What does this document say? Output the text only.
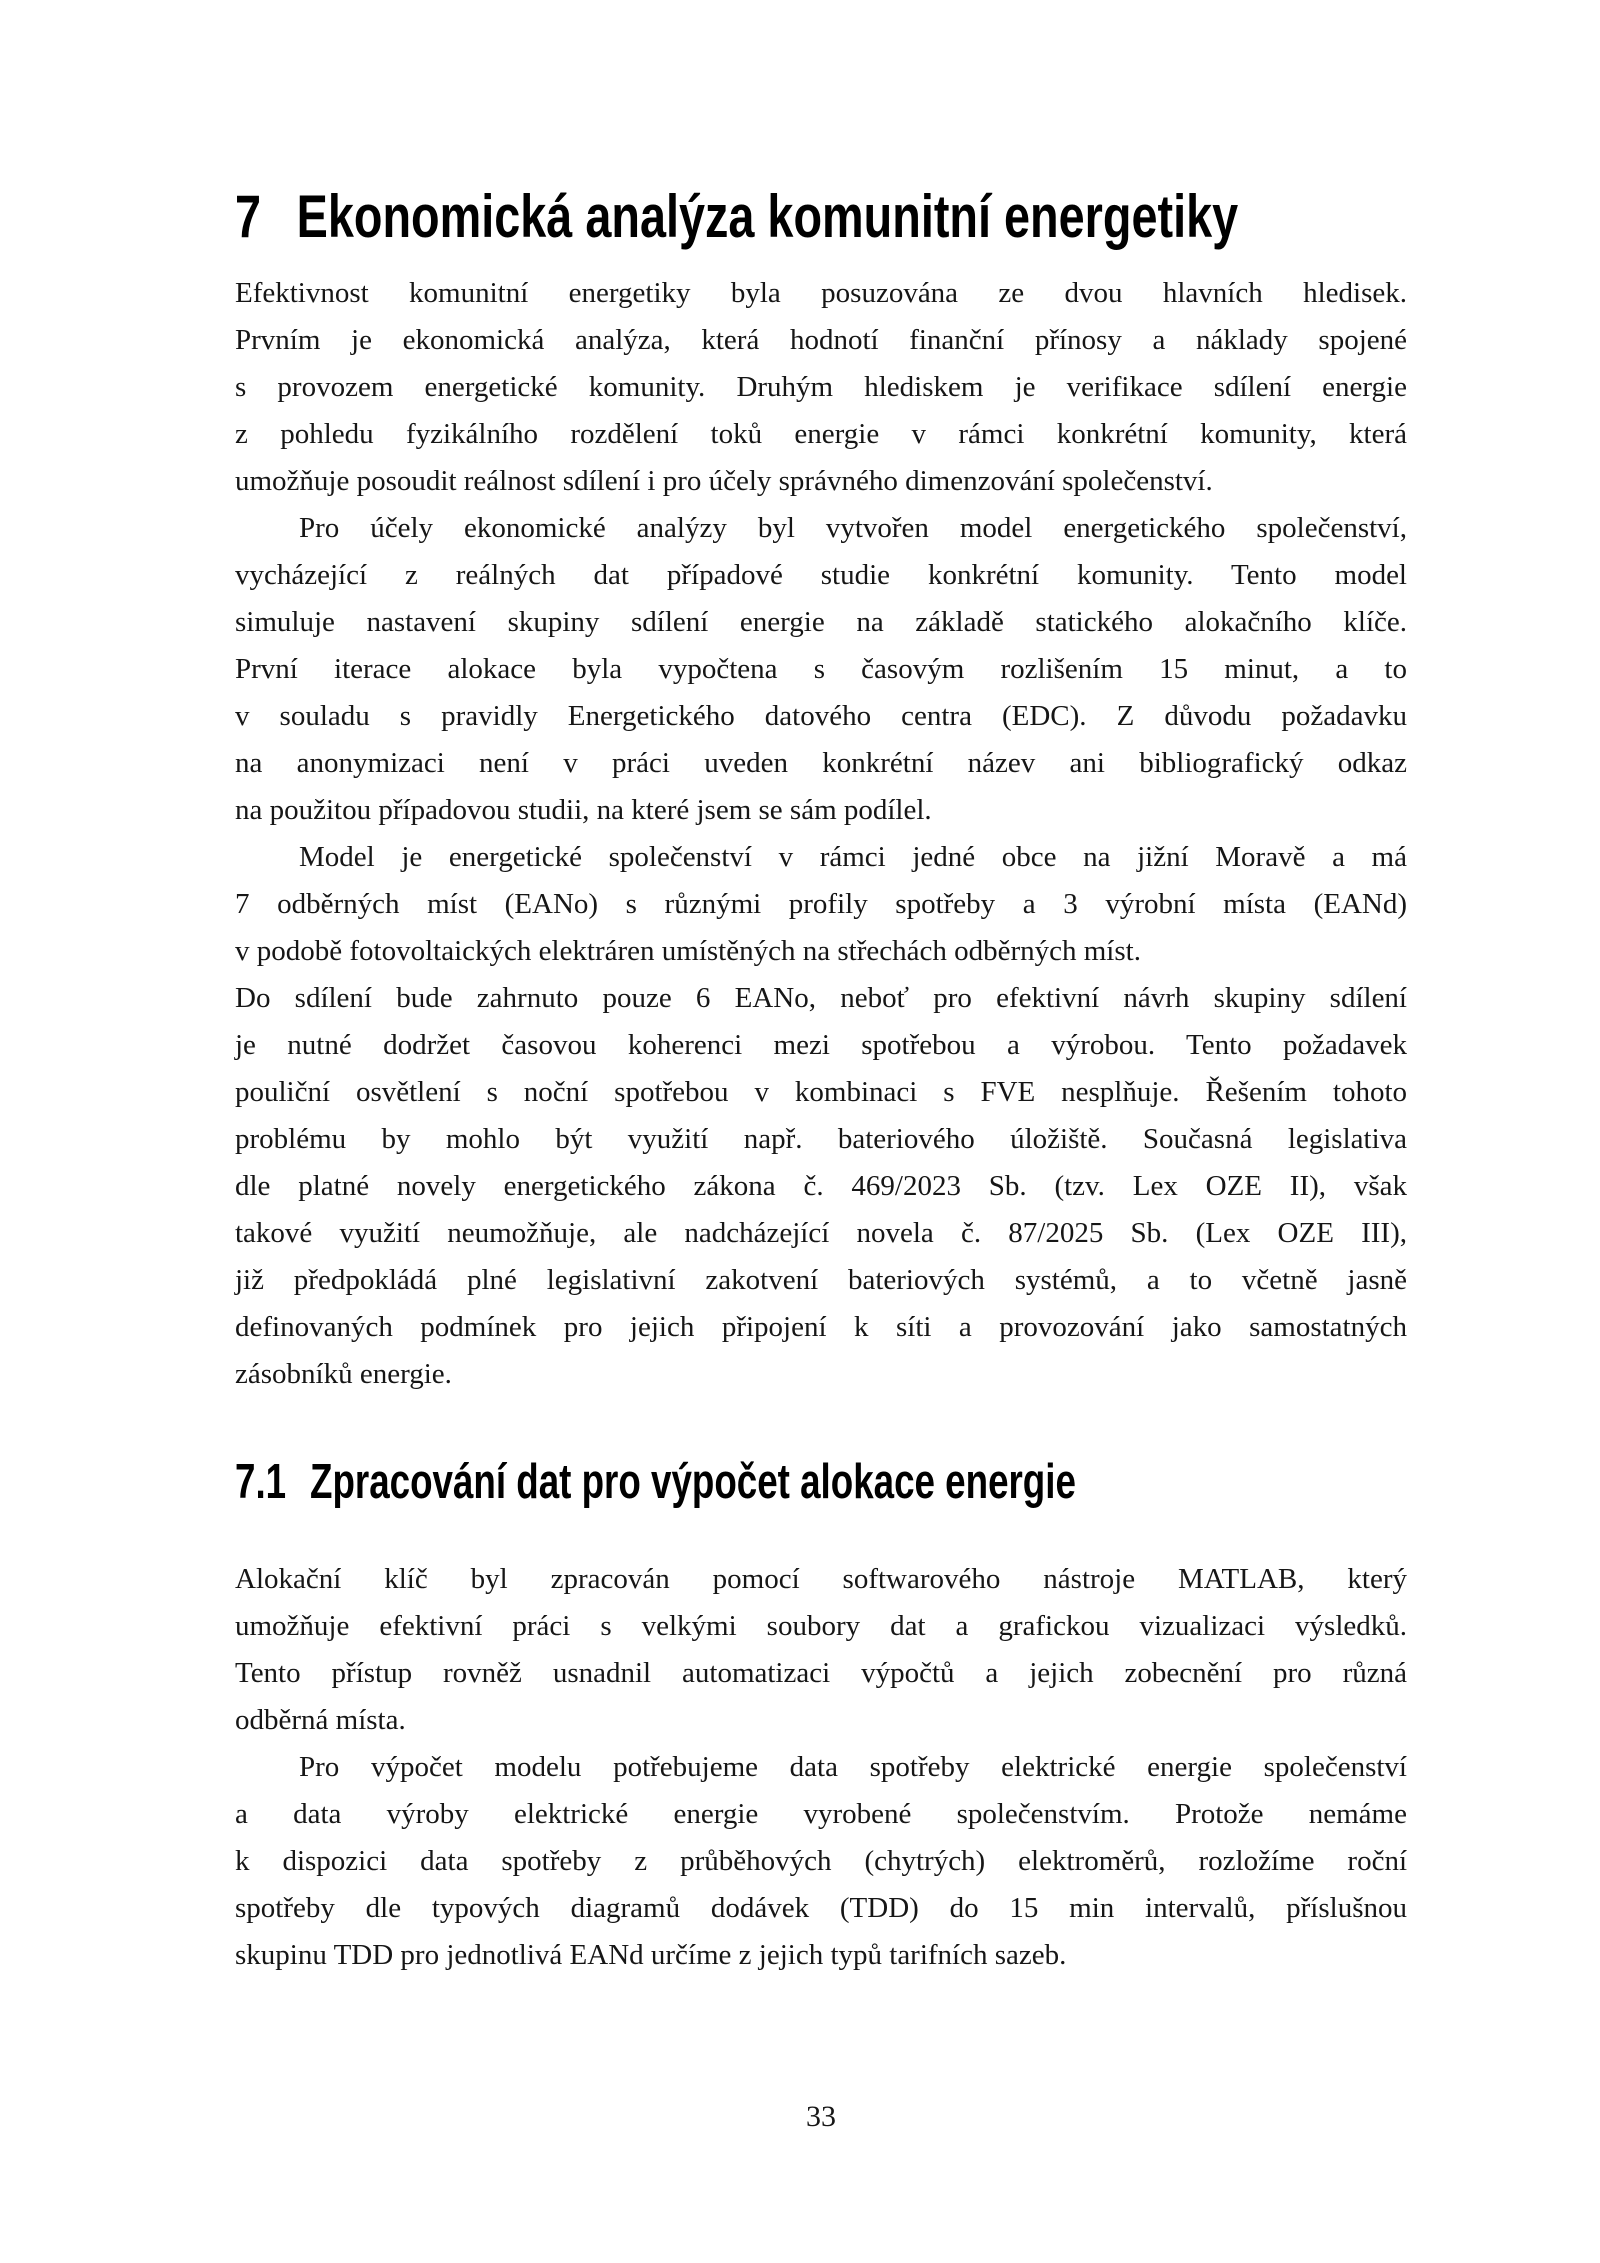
7 Ekonomická analýza komunitní energetiky
Efektivnost komunitní energetiky byla posuzována ze dvou hlavních hledisek.
Prvním je ekonomická analýza, která hodnotí finanční přínosy a náklady spojené
s provozem energetické komunity. Druhým hlediskem je verifikace sdílení energie
z pohledu fyzikálního rozdělení toků energie v rámci konkrétní komunity, která
umožňuje posoudit reálnost sdílení i pro účely správného dimenzování společenství.
Pro účely ekonomické analýzy byl vytvořen model energetického společenství,
vycházející z reálných dat případové studie konkrétní komunity. Tento model
simuluje nastavení skupiny sdílení energie na základě statického alokačního klíče.
První iterace alokace byla vypočtena s časovým rozlišením 15 minut, a to
v souladu s pravidly Energetického datového centra (EDC). Z důvodu požadavku
na anonymizaci není v práci uveden konkrétní název ani bibliografický odkaz
na použitou případovou studii, na které jsem se sám podílel.
Model je energetické společenství v rámci jedné obce na jižní Moravě a má
7 odběrných míst (EANo) s různými profily spotřeby a 3 výrobní místa (EANd)
v podobě fotovoltaických elektráren umístěných na střechách odběrných míst.
Do sdílení bude zahrnuto pouze 6 EANo, neboť pro efektivní návrh skupiny sdílení
je nutné dodržet časovou koherenci mezi spotřebou a výrobou. Tento požadavek
pouliční osvětlení s noční spotřebou v kombinaci s FVE nesplňuje. Řešením tohoto
problému by mohlo být využití např. bateriového úložiště. Současná legislativa
dle platné novely energetického zákona č. 469/2023 Sb. (tzv. Lex OZE II), však
takové využití neumožňuje, ale nadcházející novela č. 87/2025 Sb. (Lex OZE III),
již předpokládá plné legislativní zakotvení bateriových systémů, a to včetně jasně
definovaných podmínek pro jejich připojení k síti a provozování jako samostatných
zásobníků energie.
7.1 Zpracování dat pro výpočet alokace energie
Alokační klíč byl zpracován pomocí softwarového nástroje MATLAB, který
umožňuje efektivní práci s velkými soubory dat a grafickou vizualizaci výsledků.
Tento přístup rovněž usnadnil automatizaci výpočtů a jejich zobecnění pro různá
odběrná místa.
Pro výpočet modelu potřebujeme data spotřeby elektrické energie společenství
a data výroby elektrické energie vyrobené společenstvím. Protože nemáme
k dispozici data spotřeby z průběhových (chytrých) elektroměrů, rozložíme roční
spotřeby dle typových diagramů dodávek (TDD) do 15 min intervalů, příslušnou
skupinu TDD pro jednotlivá EANd určíme z jejich typů tarifních sazeb.
33
